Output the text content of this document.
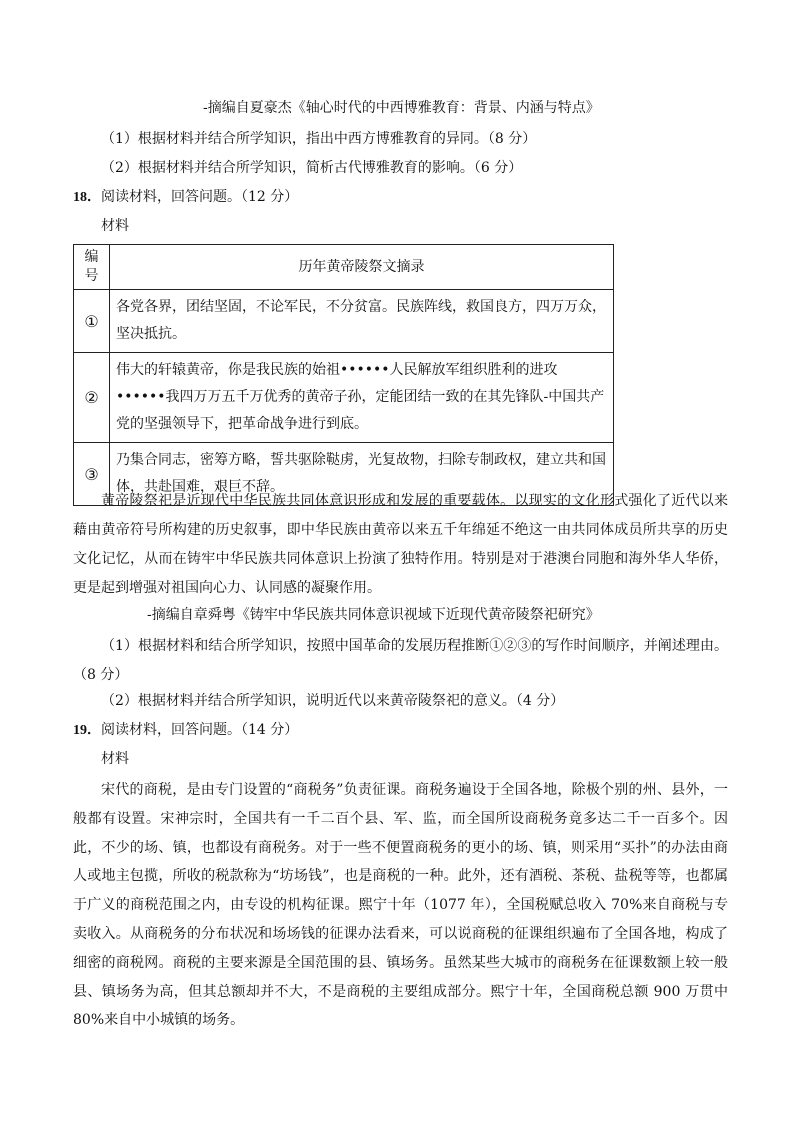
-摘编自夏豪杰《轴心时代的中西博雅教育：背景、内涵与特点》
（1）根据材料并结合所学知识，指出中西方博雅教育的异同。（8 分）
（2）根据材料并结合所学知识，简析古代博雅教育的影响。（6 分）
18．阅读材料，回答问题。（12 分）
材料
编号	历年黄帝陵祭文摘录
①	各党各界，团结坚固，不论军民，不分贫富。民族阵线，救国良方，四万万众，坚决抵抗。
②	伟大的轩辕黄帝，你是我民族的始祖••••••人民解放军组织胜利的进攻••••••我四万万五千万优秀的黄帝子孙，定能团结一致的在其先锋队-中国共产党的坚强领导下，把革命战争进行到底。
③	乃集合同志，密筹方略，誓共驱除鞑虏，光复故物，扫除专制政权，建立共和国体，共赴国难，艰巨不辞。
黄帝陵祭祀是近现代中华民族共同体意识形成和发展的重要载体。以现实的文化形式强化了近代以来藉由黄帝符号所构建的历史叙事，即中华民族由黄帝以来五千年绵延不绝这一由共同体成员所共享的历史文化记忆，从而在铸牢中华民族共同体意识上扮演了独特作用。特别是对于港澳台同胞和海外华人华侨，更是起到增强对祖国向心力、认同感的凝聚作用。
-摘编自章舜粤《铸牢中华民族共同体意识视域下近现代黄帝陵祭祀研究》
（1）根据材料和结合所学知识，按照中国革命的发展历程推断①②③的写作时间顺序，并阐述理由。（8 分）
（2）根据材料并结合所学知识，说明近代以来黄帝陵祭祀的意义。（4 分）
19．阅读材料，回答问题。（14 分）
材料
宋代的商税，是由专门设置的“商税务”负责征课。商税务遍设于全国各地，除极个别的州、县外，一般都有设置。宋神宗时，全国共有一千二百个县、军、监，而全国所设商税务竟多达二千一百多个。因此，不少的场、镇，也都设有商税务。对于一些不便置商税务的更小的场、镇，则采用“买扑”的办法由商人或地主包揽，所收的税款称为“坊场钱”，也是商税的一种。此外，还有酒税、茶税、盐税等等，也都属于广义的商税范围之内，由专设的机构征课。熙宁十年（1077 年），全国税赋总收入 70%来自商税与专卖收入。从商税务的分布状况和场场钱的征课办法看来，可以说商税的征课组织遍布了全国各地，构成了细密的商税网。商税的主要来源是全国范围的县、镇场务。虽然某些大城市的商税务在征课数额上较一般县、镇场务为高，但其总额却并不大，不是商税的主要组成部分。熙宁十年，全国商税总额 900 万贯中 80%来自中小城镇的场务。
